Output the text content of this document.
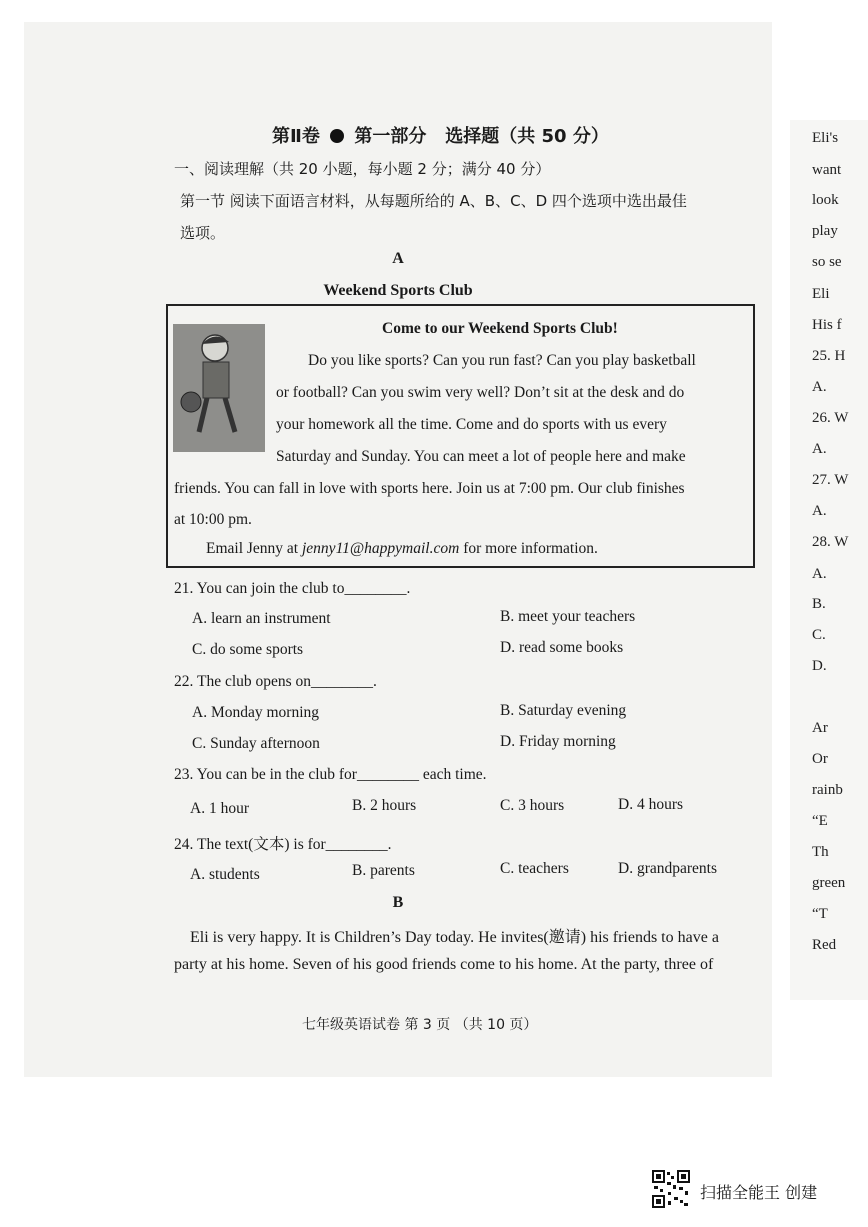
Eli's
want
look
play
so se
Eli
His f
25. H
A.
26. W
A.
27. W
A.
28. W
A.
B.
C.
D.
Ar
Or
rainb
“E
Th
green
“T
Red
第Ⅱ卷 第一部分 选择题（共 50 分）
一、阅读理解（共 20 小题，每小题 2 分；满分 40 分）
第一节 阅读下面语言材料，从每题所给的 A、B、C、D 四个选项中选出最佳
选项。
A
Weekend Sports Club
Come to our Weekend Sports Club!
Do you like sports? Can you run fast? Can you play basketball
or football? Can you swim very well? Don’t sit at the desk and do
your homework all the time. Come and do sports with us every
Saturday and Sunday. You can meet a lot of people here and make
friends. You can fall in love with sports here. Join us at 7:00 pm. Our club finishes
at 10:00 pm.
Email Jenny at jenny11@happymail.com for more information.
21. You can join the club to________.
A. learn an instrument	B. meet your teachers
C. do some sports	D. read some books
22. The club opens on________.
A. Monday morning	B. Saturday evening
C. Sunday afternoon	D. Friday morning
23. You can be in the club for________ each time.
A. 1 hour	B. 2 hours	C. 3 hours	D. 4 hours
24. The text(文本) is for________.
A. students	B. parents	C. teachers	D. grandparents
B
Eli is very happy. It is Children’s Day today. He invites(邀请) his friends to have a
party at his home. Seven of his good friends come to his home. At the party, three of
七年级英语试卷 第 3 页 （共 10 页）
扫描全能王 创建
